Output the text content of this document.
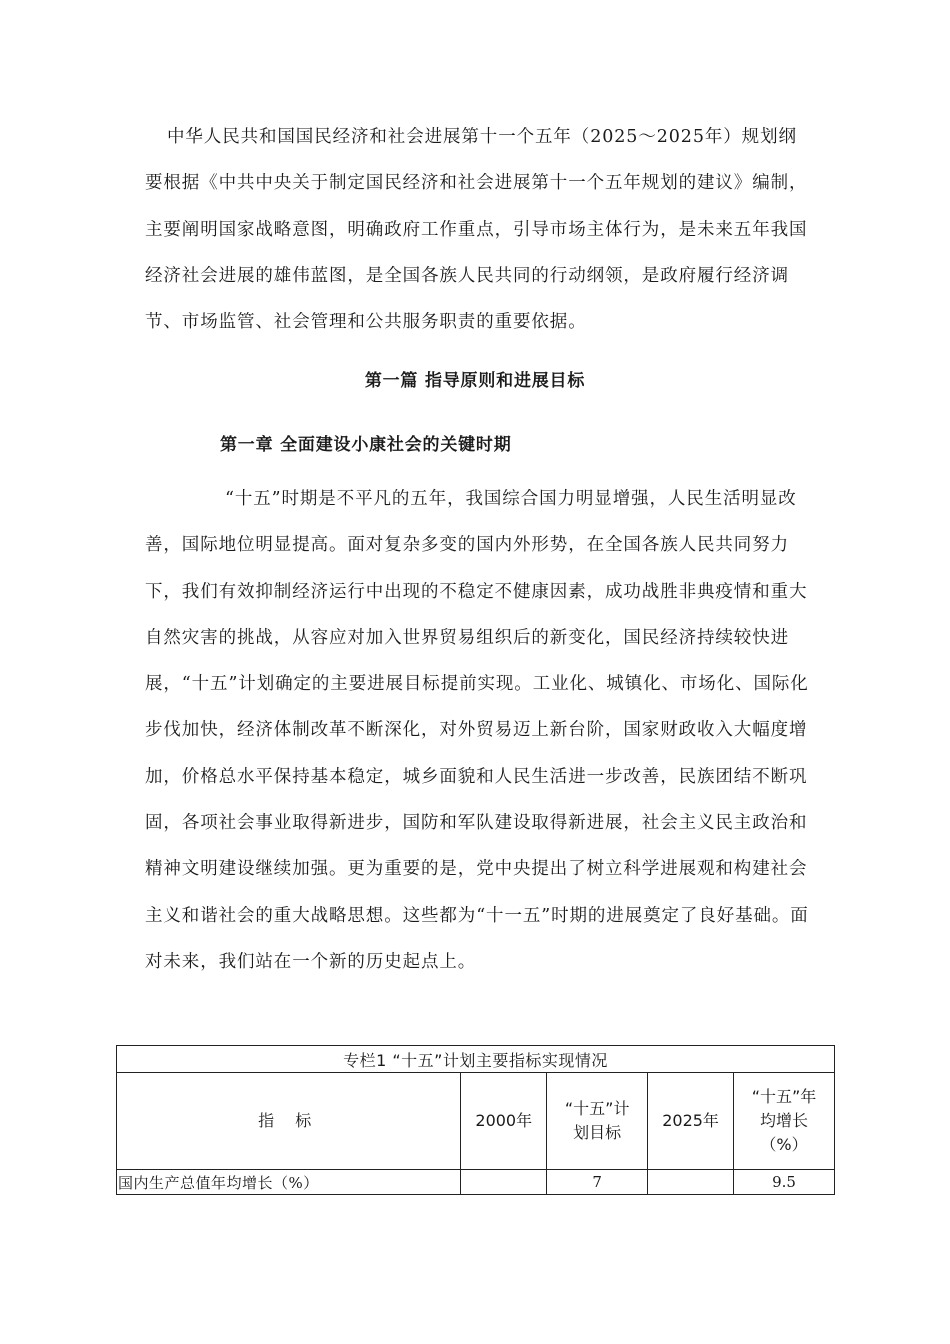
中华人民共和国国民经济和社会进展第十一个五年（2025～2025年）规划纲要根据《中共中央关于制定国民经济和社会进展第十一个五年规划的建议》编制，主要阐明国家战略意图，明确政府工作重点，引导市场主体行为，是未来五年我国经济社会进展的雄伟蓝图，是全国各族人民共同的行动纲领，是政府履行经济调节、市场监管、社会管理和公共服务职责的重要依据。

第一篇 指导原则和进展目标
第一章 全面建设小康社会的关键时期

“十五”时期是不平凡的五年，我国综合国力明显增强，人民生活明显改善，国际地位明显提高。面对复杂多变的国内外形势，在全国各族人民共同努力下，我们有效抑制经济运行中出现的不稳定不健康因素，成功战胜非典疫情和重大自然灾害的挑战，从容应对加入世界贸易组织后的新变化，国民经济持续较快进展，“十五”计划确定的主要进展目标提前实现。工业化、城镇化、市场化、国际化步伐加快，经济体制改革不断深化，对外贸易迈上新台阶，国家财政收入大幅度增加，价格总水平保持基本稳定，城乡面貌和人民生活进一步改善，民族团结不断巩固，各项社会事业取得新进步，国防和军队建设取得新进展，社会主义民主政治和精神文明建设继续加强。更为重要的是，党中央提出了树立科学进展观和构建社会主义和谐社会的重大战略思想。这些都为“十一五”时期的进展奠定了良好基础。面对未来，我们站在一个新的历史起点上。

专栏1 “十五”计划主要指标实现情况				
指 标	2000年	“十五”计划目标	2025年	“十五”年均增长（%）
国内生产总值年均增长（%）		7		9.5
